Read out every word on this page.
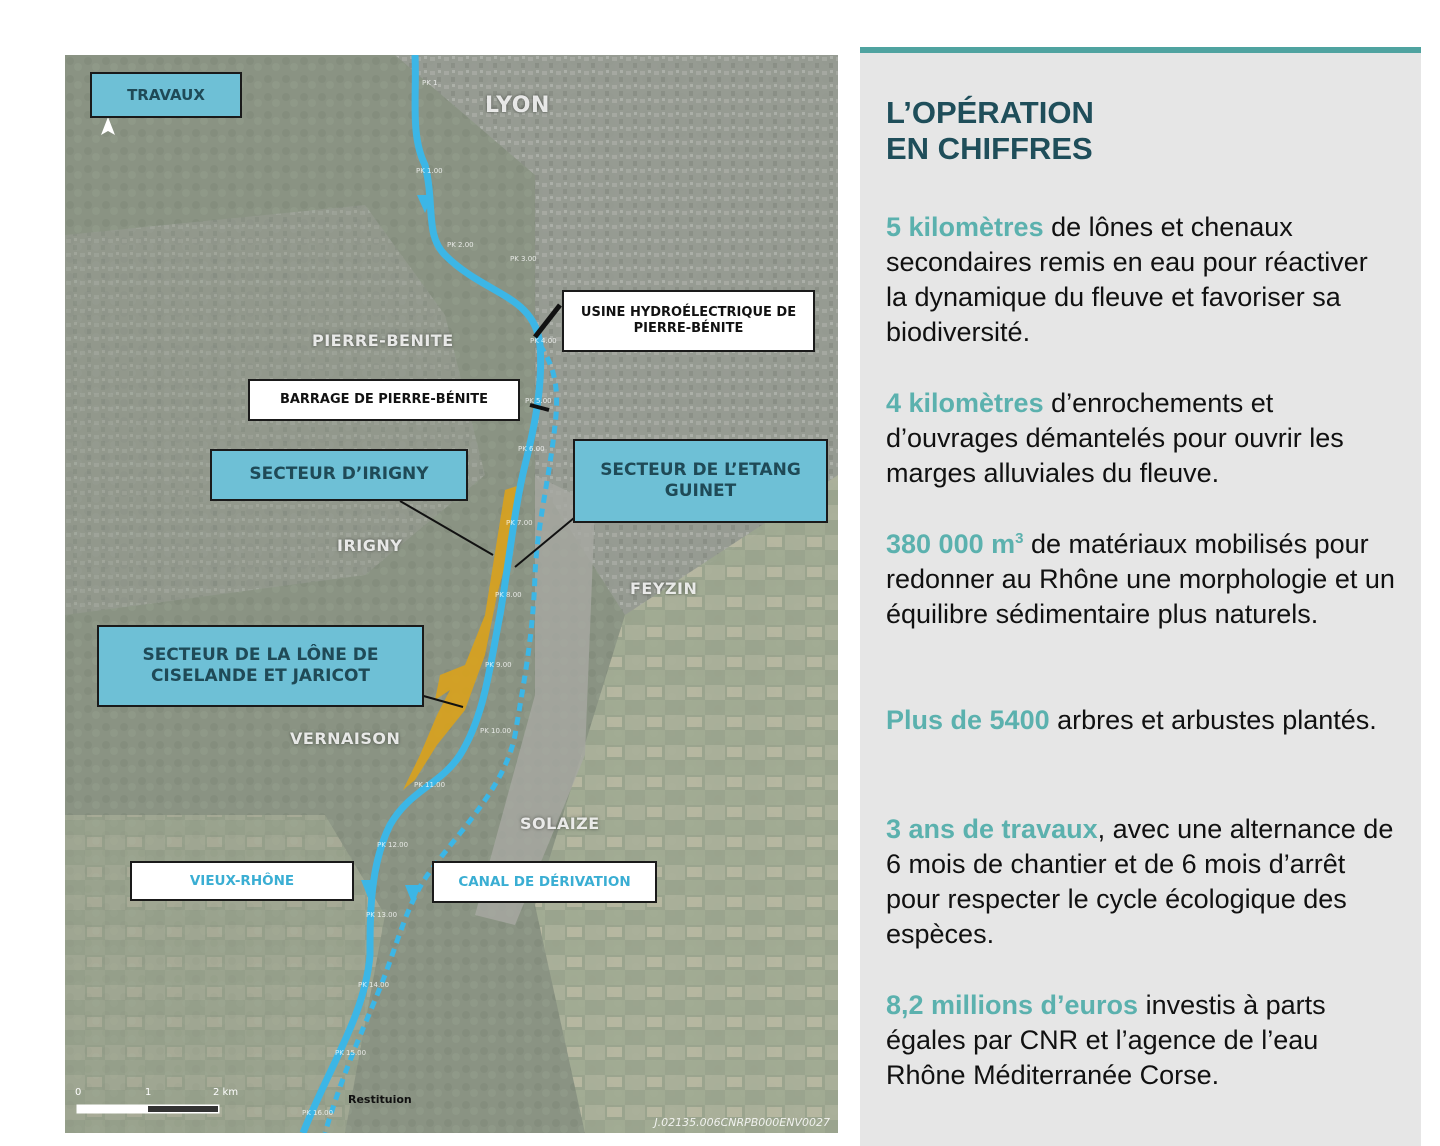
TRAVAUX	LYON
PIERRE-BENITE
IRIGNY
FEYZIN
VERNAISON
SOLAIZE
PK 1
PK 1.00
PK 2.00
PK 3.00
PK 4.00
PK 5.00
PK 6.00
PK 7.00
PK 8.00
PK 9.00
PK 10.00
PK 11.00
PK 12.00
PK 13.00
PK 14.00
PK 15.00
PK 16.00
USINE HYDROÉLECTRIQUE DE PIERRE-BÉNITE
BARRAGE DE PIERRE-BÉNITE
SECTEUR D’IRIGNY	SECTEUR DE L’ETANG GUINET
SECTEUR DE LA LÔNE DE CISELANDE ET JARICOT
VIEUX-RHÔNE	CANAL DE DÉRIVATION
0	1	2 km
Restituion
J.02135.006CNRPB000ENV0027
L’OPÉRATION
EN CHIFFRES
5 kilomètres de lônes et chenaux secondaires remis en eau pour réactiver la dynamique du fleuve et favoriser sa biodiversité.
4 kilomètres d’enrochements et d’ouvrages démantelés pour ouvrir les marges alluviales du fleuve.
380 000 $m^3$ de matériaux mobilisés pour redonner au Rhône une morphologie et un équilibre sédimentaire plus naturels.
Plus de 5400 arbres et arbustes plantés.
3 ans de travaux, avec une alternance de 6 mois de chantier et de 6 mois d’arrêt pour respecter le cycle écologique des espèces.
8,2 millions d’euros investis à parts égales par CNR et l’agence de l’eau Rhône Méditerranée Corse.
